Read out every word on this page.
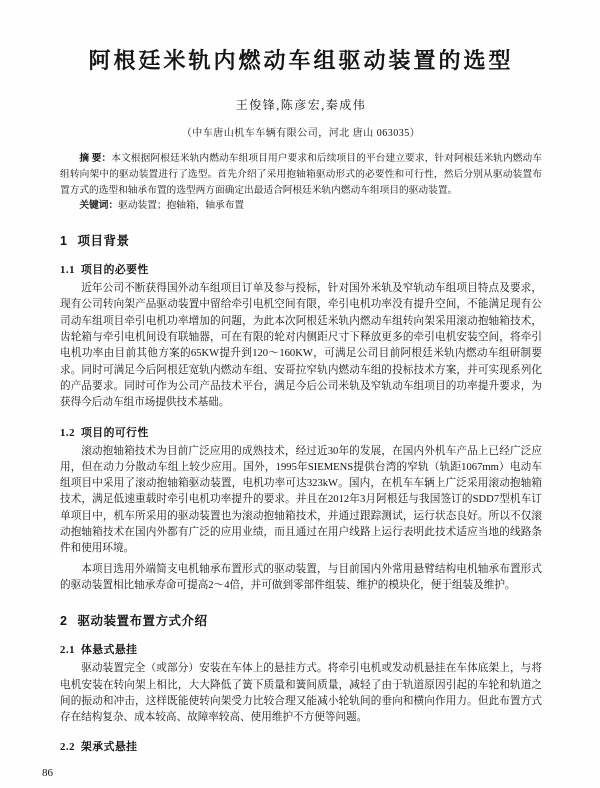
阿根廷米轨内燃动车组驱动装置的选型
王俊锋,陈彦宏,秦成伟
（中车唐山机车车辆有限公司，河北 唐山 063035）
摘 要：本文根据阿根廷米轨内燃动车组项目用户要求和后续项目的平台建立要求，针对阿根廷米轨内燃动车组转向架中的驱动装置进行了选型。首先介绍了采用抱轴箱驱动形式的必要性和可行性，然后分别从驱动装置布置方式的选型和轴承布置的选型两方面确定出最适合阿根廷米轨内燃动车组项目的驱动装置。
关键词：驱动装置；抱轴箱，轴承布置
1 项目背景
1.1 项目的必要性

近年公司不断获得国外动车组项目订单及参与投标，针对国外米轨及窄轨动车组项目特点及要求，现有公司转向架产品驱动装置中留给牵引电机空间有限，牵引电机功率没有提升空间，不能满足现有公司动车组项目牵引电机功率增加的问题，为此本次阿根廷米轨内燃动车组转向架采用滚动抱轴箱技术，齿轮箱与牵引电机间设有联轴器，可在有限的轮对内侧距尺寸下释放更多的牵引电机安装空间，将牵引电机功率由目前其他方案的65KW提升到120～160KW，可满足公司目前阿根廷米轨内燃动车组研制要求。同时可满足今后阿根廷宽轨内燃动车组、安哥拉窄轨内燃动车组的投标技术方案，并可实现系列化的产品要求。同时可作为公司产品技术平台，满足今后公司米轨及窄轨动车组项目的功率提升要求，为获得今后动车组市场提供技术基础。

1.2 项目的可行性

滚动抱轴箱技术为目前广泛应用的成熟技术，经过近30年的发展，在国内外机车产品上已经广泛应用，但在动力分散动车组上较少应用。国外，1995年SIEMENS提供台湾的窄轨（轨距1067mm）电动车组项目中采用了滚动抱轴箱驱动装置，电机功率可达323kW。国内，在机车车辆上广泛采用滚动抱轴箱技术，满足低速重载时牵引电机功率提升的要求。并且在2012年3月阿根廷与我国签订的SDD7型机车订单项目中，机车所采用的驱动装置也为滚动抱轴箱技术，并通过跟踪测试，运行状态良好。所以不仅滚动抱轴箱技术在国内外都有广泛的应用业绩，而且通过在用户线路上运行表明此技术适应当地的线路条件和使用环境。

本项目选用外端简支电机轴承布置形式的驱动装置，与目前国内外常用悬臂结构电机轴承布置形式的驱动装置相比轴承寿命可提高2～4倍，并可做到零部件组装、维护的模块化，便于组装及维护。

2 驱动装置布置方式介绍
2.1 体悬式悬挂

驱动装置完全（或部分）安装在车体上的悬挂方式。将牵引电机或发动机悬挂在车体底架上，与将电机安装在转向架上相比，大大降低了簧下质量和簧间质量，减轻了由于轨道原因引起的车轮和轨道之间的振动和冲击，这样既能使转向架受力比较合理又能减小轮轨间的垂向和横向作用力。但此布置方式存在结构复杂、成本较高、故障率较高、使用维护不方便等问题。

2.2 架承式悬挂
86
